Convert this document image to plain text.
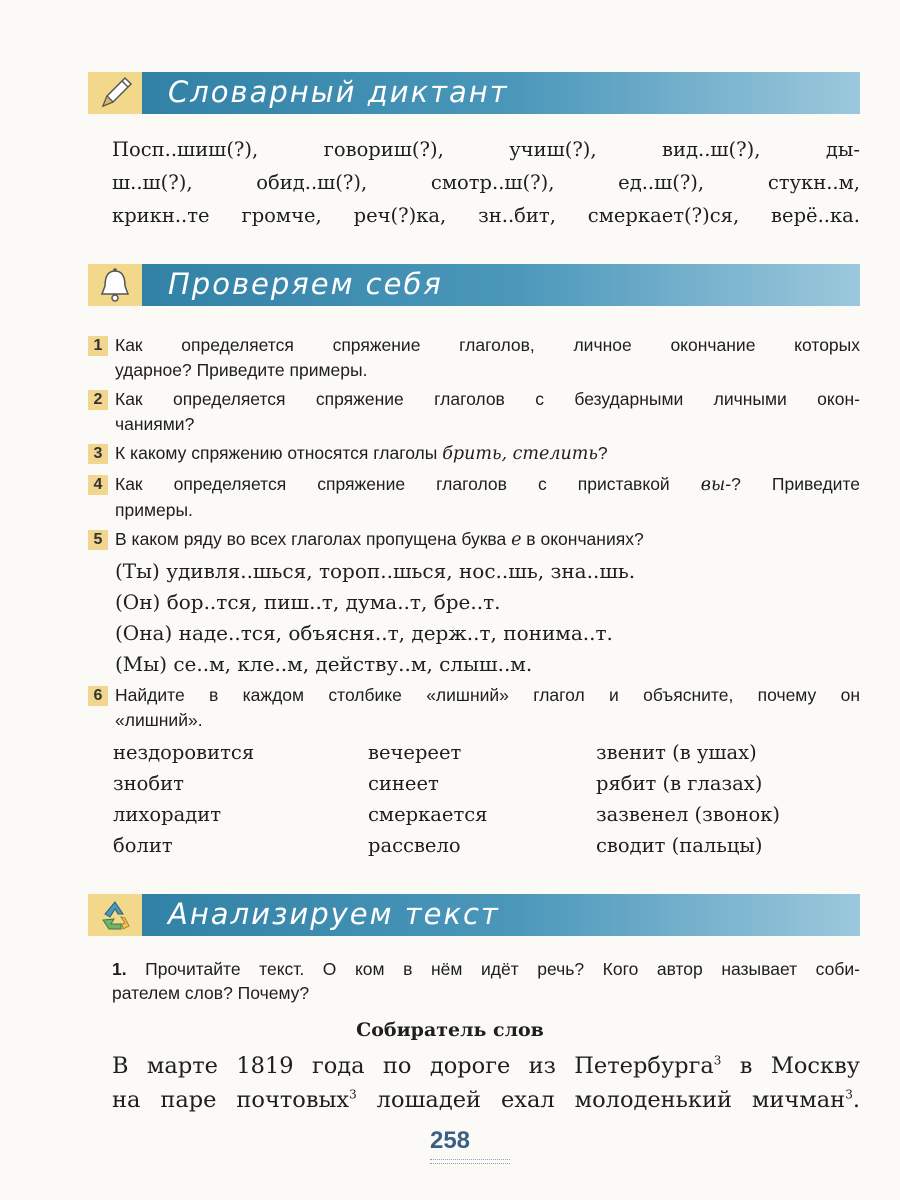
Словарный диктант
Посп..шиш(?), говориш(?), учиш(?), вид..ш(?), ды-
ш..ш(?), обид..ш(?), смотр..ш(?), ед..ш(?), стукн..м,
крикн..те громче, реч(?)ка, зн..бит, смеркает(?)ся, верё..ка.
Проверяем себя
1 Как определяется спряжение глаголов, личное окончание которых
ударное? Приведите примеры.
2 Как определяется спряжение глаголов с безударными личными окон-
чаниями?
3 К какому спряжению относятся глаголы брить, стелить?
4 Как определяется спряжение глаголов с приставкой вы-? Приведите
примеры.
5 В каком ряду во всех глаголах пропущена буква е в окончаниях?
(Ты) удивля..шься, тороп..шься, нос..шь, зна..шь.
(Он) бор..тся, пиш..т, дума..т, бре..т.
(Она) наде..тся, объясня..т, держ..т, понима..т.
(Мы) се..м, кле..м, действу..м, слыш..м.
6 Найдите в каждом столбике «лишний» глагол и объясните, почему он
«лишний».
нездоровится
знобит
лихорадит
болит
вечереет
синеет
смеркается
рассвело
звенит (в ушах)
рябит (в глазах)
зазвенел (звонок)
сводит (пальцы)
Анализируем текст
1. Прочитайте текст. О ком в нём идёт речь? Кого автор называет соби-
рателем слов? Почему?
Собиратель слов
В марте 1819 года по дороге из Петербурга$^3$ в Москву
на паре почтовых$^3$ лошадей ехал молоденький мичман$^3$.
258
